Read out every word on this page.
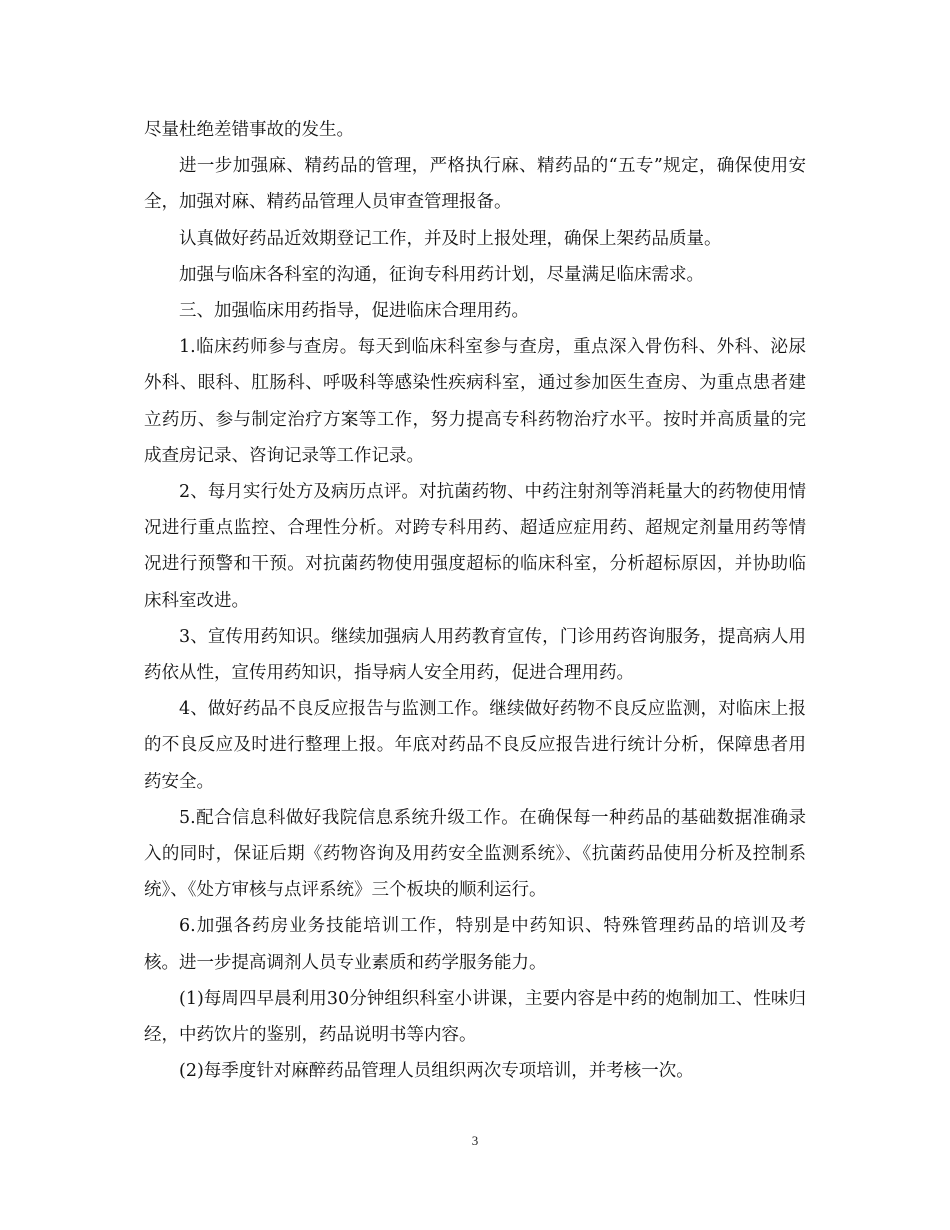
尽量杜绝差错事故的发生。

进一步加强麻、精药品的管理，严格执行麻、精药品的“五专”规定，确保使用安全，加强对麻、精药品管理人员审查管理报备。

认真做好药品近效期登记工作，并及时上报处理，确保上架药品质量。

加强与临床各科室的沟通，征询专科用药计划，尽量满足临床需求。

三、加强临床用药指导，促进临床合理用药。

1.临床药师参与查房。每天到临床科室参与查房，重点深入骨伤科、外科、泌尿外科、眼科、肛肠科、呼吸科等感染性疾病科室，通过参加医生查房、为重点患者建立药历、参与制定治疗方案等工作，努力提高专科药物治疗水平。按时并高质量的完成查房记录、咨询记录等工作记录。

2、每月实行处方及病历点评。对抗菌药物、中药注射剂等消耗量大的药物使用情况进行重点监控、合理性分析。对跨专科用药、超适应症用药、超规定剂量用药等情况进行预警和干预。对抗菌药物使用强度超标的临床科室，分析超标原因，并协助临床科室改进。

3、宣传用药知识。继续加强病人用药教育宣传，门诊用药咨询服务，提高病人用药依从性，宣传用药知识，指导病人安全用药，促进合理用药。

4、做好药品不良反应报告与监测工作。继续做好药物不良反应监测，对临床上报的不良反应及时进行整理上报。年底对药品不良反应报告进行统计分析，保障患者用药安全。

5.配合信息科做好我院信息系统升级工作。在确保每一种药品的基础数据准确录入的同时，保证后期《药物咨询及用药安全监测系统》、《抗菌药品使用分析及控制系统》、《处方审核与点评系统》三个板块的顺利运行。

6.加强各药房业务技能培训工作，特别是中药知识、特殊管理药品的培训及考核。进一步提高调剂人员专业素质和药学服务能力。

(1)每周四早晨利用30分钟组织科室小讲课，主要内容是中药的炮制加工、性味归经，中药饮片的鉴别，药品说明书等内容。

(2)每季度针对麻醉药品管理人员组织两次专项培训，并考核一次。

3
